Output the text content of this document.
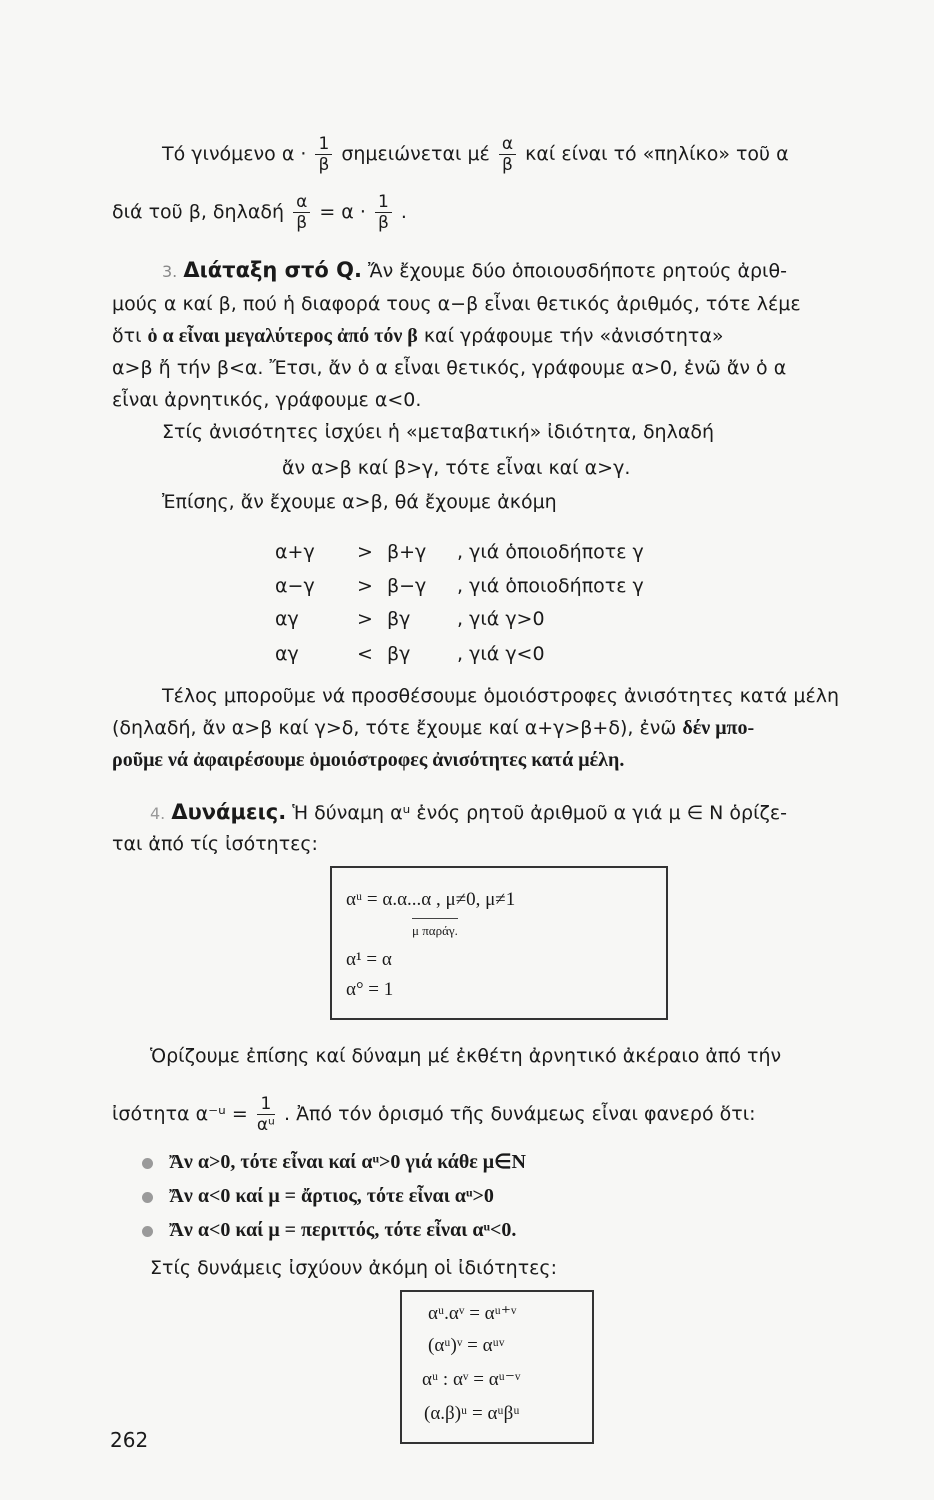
Τό γινόμενο $\alpha \cdot \frac{1}{\beta}$ σημειώνεται μέ $\frac{\alpha}{\beta}$ καί είναι τό «πηλίκο» τοῦ α
διά τοῦ β, δηλαδή $\frac{\alpha}{\beta} = \alpha \cdot \frac{1}{\beta}$ .
3. Διάταξη στό Q. Ἄν ἔχουμε δύο ὁποιουσδήποτε ρητούς ἀριθ-
μούς α καί β, πού ἡ διαφορά τους α−β εἶναι θετικός ἀριθμός, τότε λέμε
ὅτι ὁ α εἶναι μεγαλύτερος ἀπό τόν β καί γράφουμε τήν «ἀνισότητα»
α>β ἤ τήν β<α. Ἔτσι, ἄν ὁ α εἶναι θετικός, γράφουμε α>0, ἐνῶ ἄν ὁ α
εἶναι ἀρνητικός, γράφουμε α<0.
Στίς ἀνισότητες ἰσχύει ἡ «μεταβατική» ἰδιότητα, δηλαδή
ἄν α>β καί β>γ, τότε εἶναι καί α>γ.
Ἐπίσης, ἄν ἔχουμε α>β, θά ἔχουμε ἀκόμη
α+γ > β+γ , γιά ὁποιοδήποτε γ
α−γ > β−γ , γιά ὁποιοδήποτε γ
αγ	> βγ , γιά γ>0
αγ	< βγ , γιά γ<0
Τέλος μποροῦμε νά προσθέσουμε ὁμοιόστροφες ἀνισότητες κατά μέλη
(δηλαδή, ἄν α>β καί γ>δ, τότε ἔχουμε καί α+γ>β+δ), ἐνῶ δέν μπο-
ροῦμε νά ἀφαιρέσουμε ὁμοιόστροφες ἀνισότητες κατά μέλη.
4. Δυνάμεις. Ἡ δύναμη αᵘ ἑνός ρητοῦ ἀριθμοῦ α γιά μ ∈ Ν ὁρίζε-
ται ἀπό τίς ἰσότητες:
αᵘ = α.α...α , μ≠0, μ≠1
μ παράγ.
α¹ = α
α° = 1
Ὁρίζουμε ἐπίσης καί δύναμη μέ ἐκθέτη ἀρνητικό ἀκέραιο ἀπό τήν
ἰσότητα α⁻ᵘ = $\frac{1}{\text{αᵘ}}$ . Ἀπό τόν ὁρισμό τῆς δυνάμεως εἶναι φανερό ὅτι:
Ἄν α>0, τότε εἶναι καί αᵘ>0 γιά κάθε μ∈Ν
Ἄν α<0 καί μ = ἄρτιος, τότε εἶναι αᵘ>0
Ἄν α<0 καί μ = περιττός, τότε εἶναι αᵘ<0.
Στίς δυνάμεις ἰσχύουν ἀκόμη οἱ ἰδιότητες:
αᵘ.αᵛ = αᵘ⁺ᵛ
(αᵘ)ᵛ = αᵘᵛ
αᵘ : αᵛ = αᵘ⁻ᵛ
(α.β)ᵘ = αᵘβᵘ
262
